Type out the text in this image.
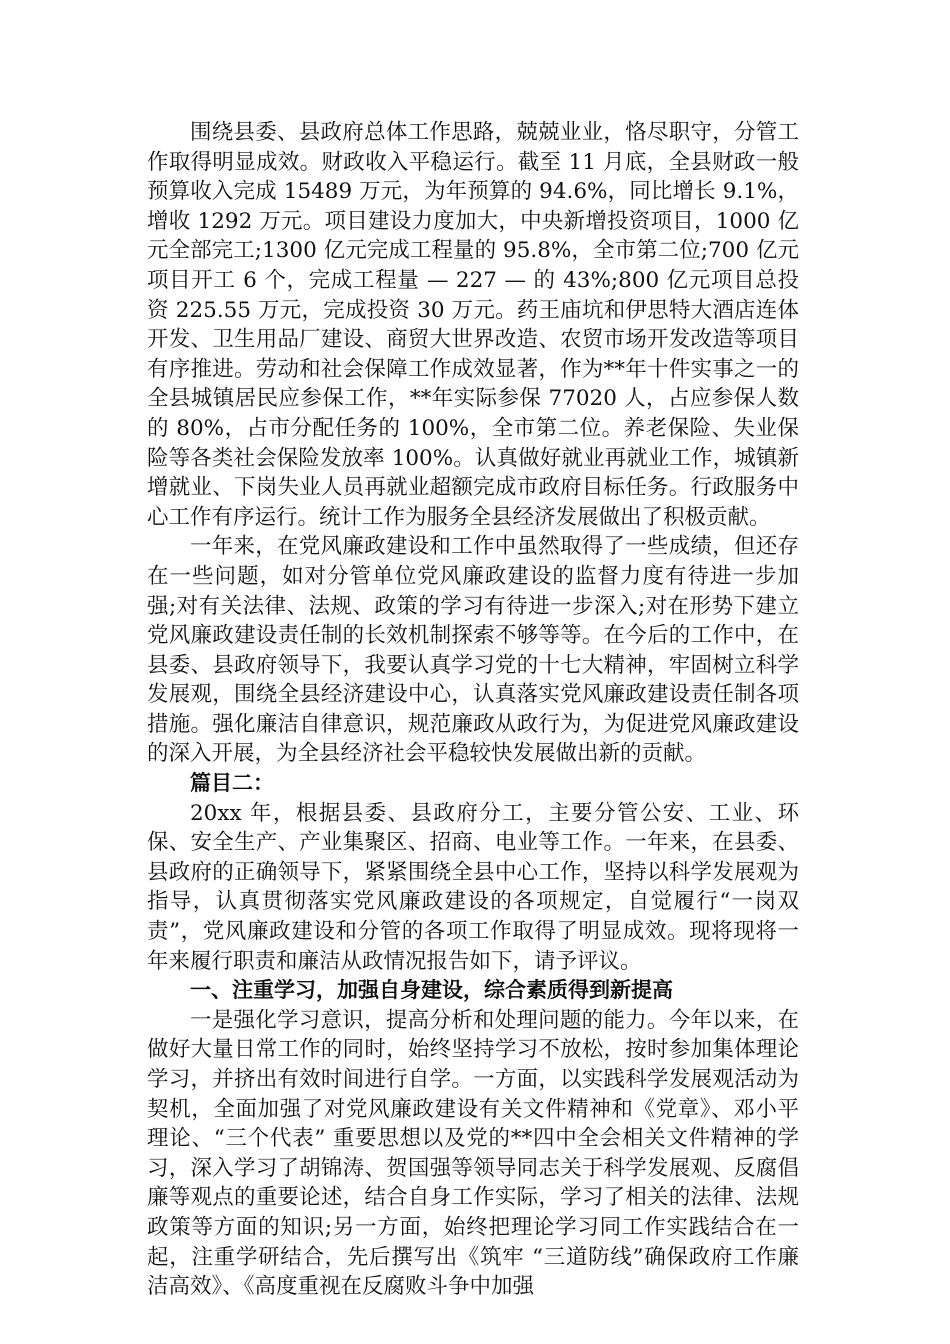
围绕县委、县政府总体工作思路，兢兢业业，恪尽职守，分管工作取得明显成效。财政收入平稳运行。截至 11 月底，全县财政一般预算收入完成 15489 万元，为年预算的 94.6%，同比增长 9.1%，增收 1292 万元。项目建设力度加大，中央新增投资项目，1000 亿元全部完工;1300 亿元完成工程量的 95.8%，全市第二位;700 亿元项目开工 6 个，完成工程量 — 227 — 的 43%;800 亿元项目总投资 225.55 万元，完成投资 30 万元。药王庙坑和伊思特大酒店连体开发、卫生用品厂建设、商贸大世界改造、农贸市场开发改造等项目有序推进。劳动和社会保障工作成效显著，作为**年十件实事之一的全县城镇居民应参保工作，**年实际参保 77020 人，占应参保人数的 80%，占市分配任务的 100%，全市第二位。养老保险、失业保险等各类社会保险发放率 100%。认真做好就业再就业工作，城镇新增就业、下岗失业人员再就业超额完成市政府目标任务。行政服务中心工作有序运行。统计工作为服务全县经济发展做出了积极贡献。

一年来，在党风廉政建设和工作中虽然取得了一些成绩，但还存在一些问题，如对分管单位党风廉政建设的监督力度有待进一步加强;对有关法律、法规、政策的学习有待进一步深入;对在形势下建立党风廉政建设责任制的长效机制探索不够等等。在今后的工作中，在县委、县政府领导下，我要认真学习党的十七大精神，牢固树立科学发展观，围绕全县经济建设中心，认真落实党风廉政建设责任制各项措施。强化廉洁自律意识，规范廉政从政行为，为促进党风廉政建设的深入开展，为全县经济社会平稳较快发展做出新的贡献。

篇目二：

20xx 年，根据县委、县政府分工，主要分管公安、工业、环保、安全生产、产业集聚区、招商、电业等工作。一年来，在县委、县政府的正确领导下，紧紧围绕全县中心工作，坚持以科学发展观为指导，认真贯彻落实党风廉政建设的各项规定，自觉履行“一岗双责”，党风廉政建设和分管的各项工作取得了明显成效。现将现将一年来履行职责和廉洁从政情况报告如下，请予评议。

一、注重学习，加强自身建设，综合素质得到新提高

一是强化学习意识，提高分析和处理问题的能力。今年以来，在做好大量日常工作的同时，始终坚持学习不放松，按时参加集体理论学习，并挤出有效时间进行自学。一方面，以实践科学发展观活动为契机，全面加强了对党风廉政建设有关文件精神和《党章》、邓小平理论、“三个代表” 重要思想以及党的**四中全会相关文件精神的学习，深入学习了胡锦涛、贺国强等领导同志关于科学发展观、反腐倡廉等观点的重要论述，结合自身工作实际，学习了相关的法律、法规政策等方面的知识;另一方面，始终把理论学习同工作实践结合在一起，注重学研结合，先后撰写出《筑牢 “三道防线”确保政府工作廉洁高效》、《高度重视在反腐败斗争中加强
